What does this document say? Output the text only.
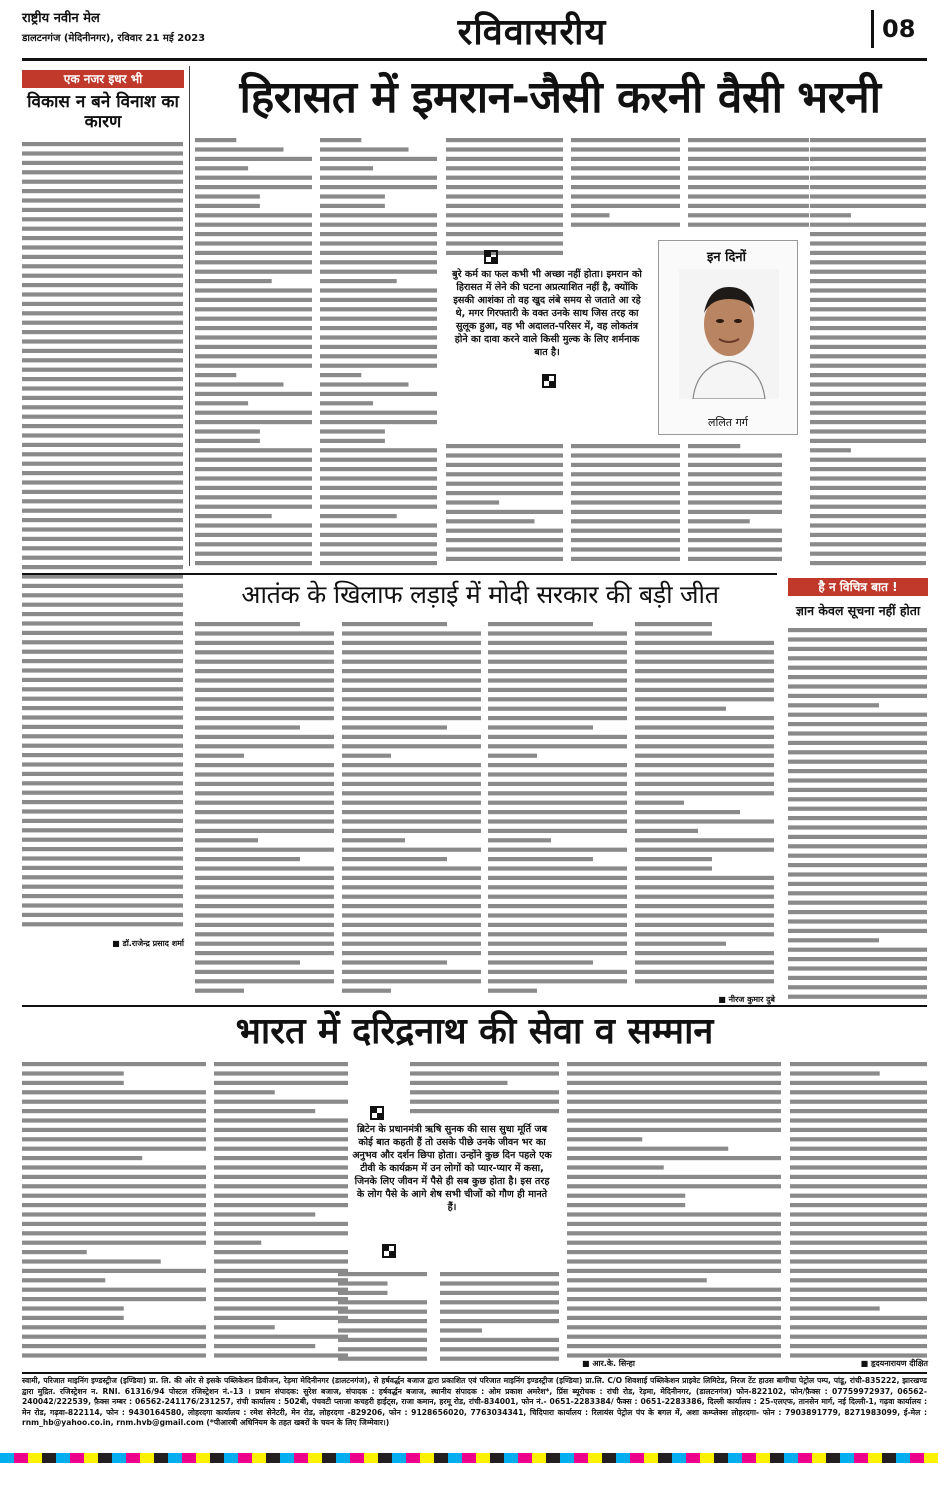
राष्ट्रीय नवीन मेल
डालटनगंज (मेदिनीनगर), रविवार 21 मई 2023	रविवासरीय	08
एक नजर इधर भी
विकास न बने विनाश का कारण
■ डॉ.राजेन्द्र प्रसाद शर्मा
हिरासत में इमरान-जैसी करनी वैसी भरनी
बुरे कर्म का फल कभी भी अच्छा नहीं होता। इमरान को हिरासत में लेने की घटना अप्रत्याशित नहीं है, क्योंकि इसकी आशंका तो वह खुद लंबे समय से जताते आ रहे थे, मगर गिरफ्तारी के वक्त उनके साथ जिस तरह का सुलूक हुआ, वह भी अदालत-परिसर में, वह लोकतंत्र होने का दावा करने वाले किसी मुल्क के लिए शर्मनाक बात है।
इन दिनों
ललित गर्ग
आतंक के खिलाफ लड़ाई में मोदी सरकार की बड़ी जीत
■ नीरज कुमार दुबे
है न विचित्र बात !
ज्ञान केवल सूचना नहीं होता
भारत में दरिद्रनाथ की सेवा व सम्मान
ब्रिटेन के प्रधानमंत्री ऋषि सुनक की सास सुधा मूर्ति जब कोई बात कहती हैं तो उसके पीछे उनके जीवन भर का अनुभव और दर्शन छिपा होता। उन्होंने कुछ दिन पहले एक टीवी के कार्यक्रम में उन लोगों को प्यार-प्यार में कसा, जिनके लिए जीवन में पैसे ही सब कुछ होता है। इस तरह के लोग पैसे के आगे शेष सभी चीजों को गौण ही मानते हैं।
■ आर.के. सिन्हा	■ हृदयनारायण दीक्षित
स्वामी, परिजात माइनिंग इण्डस्ट्रीज (इण्डिया) प्रा. लि. की ओर से इसके पब्लिकेशन डिवीजन, रेड़मा मेदिनीनगर (डालटनगंज), से हर्षवर्द्धन बजाज द्वारा प्रकाशित एवं परिजात माइनिंग इण्डस्ट्रीज (इण्डिया) प्रा.लि. C/O शिवशाई पब्लिकेशन प्राइवेट लिमिटेड, निरज टेंट हाउस बागीचा पेट्रोल पम्प, पांडू, रांची-835222, झारखण्ड द्वारा मुद्रित. रजिस्ट्रेशन न. RNI. 61316/94 पोस्टल रजिस्ट्रेशन नं.-13 । प्रधान संपादक: सुरेश बजाज, संपादक : हर्षवर्द्धन बजाज, स्थानीय संपादक : ओम प्रकाश अमरेश*, प्रिंस ब्यूरोचक : रांची रोड, रेड़मा, मेदिनीनगर, (डालटनगंज) फोन-822102, फोन/फ़ैक्स : 07759972937, 06562-240042/222539, फ़ैक्स नम्बर : 06562-241176/231257, रांची कार्यालय : 502बी, पंचवटी प्लाजा कचहरी हाईट्स, राजा कमान, हरमू रोड, रांची-834001, फोन नं.- 0651-2283384/ फैक्स : 0651-2283386, दिल्ली कार्यालय : 25-एलएफ, तानसेन मार्ग, नई दिल्ली-1, गढ़वा कार्यालय : मेन रोड, गढ़वा-822114, फोन : 9430164580, लोहरदगा कार्यालय : रमेश सेनेटरी, मेन रोड, लोहरदगा -829206, फोन : 9128656020, 7763034341, चिदिपारा कार्यालय : रिलायंस पेट्रोल पंप के बगल में, अशा कम्प्लेक्स लोहरदगा- फोन : 7903891779, 8271983099, ई-मेल : rnm_hb@yahoo.co.in, rnm.hvb@gmail.com (*पीआरबी अधिनियम के तहत खबरों के चयन के लिए जिम्मेवार।)
